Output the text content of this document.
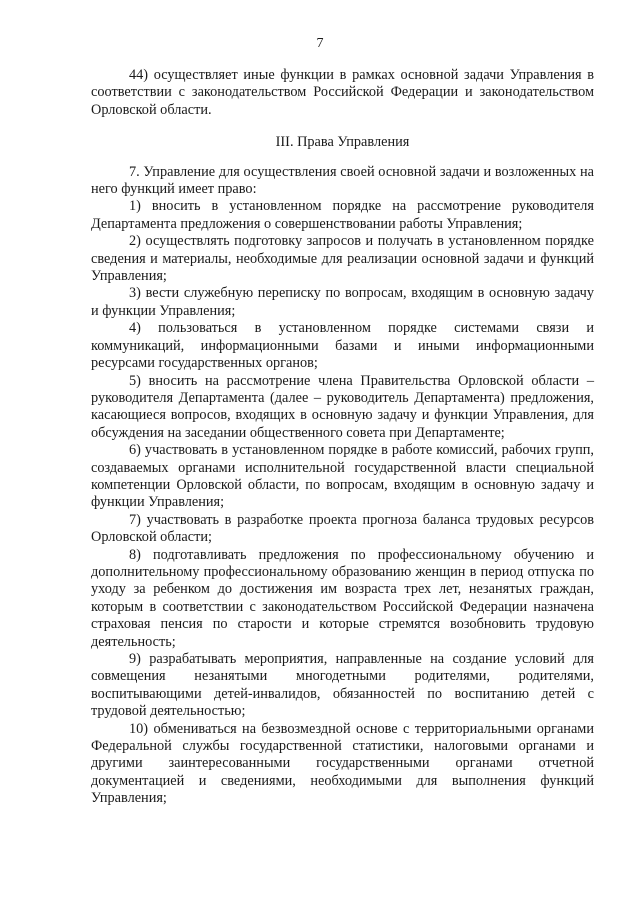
7

44) осуществляет иные функции в рамках основной задачи Управления в соответствии с законодательством Российской Федерации и законодательством Орловской области.

III. Права Управления

7. Управление для осуществления своей основной задачи и возложенных на него функций имеет право:

1) вносить в установленном порядке на рассмотрение руководителя Департамента предложения о совершенствовании работы Управления;

2) осуществлять подготовку запросов и получать в установленном порядке сведения и материалы, необходимые для реализации основной задачи и функций Управления;

3) вести служебную переписку по вопросам, входящим в основную задачу и функции Управления;

4) пользоваться в установленном порядке системами связи и коммуникаций, информационными базами и иными информационными ресурсами государственных органов;

5) вносить на рассмотрение члена Правительства Орловской области – руководителя Департамента (далее – руководитель Департамента) предложения, касающиеся вопросов, входящих в основную задачу и функции Управления, для обсуждения на заседании общественного совета при Департаменте;

6) участвовать в установленном порядке в работе комиссий, рабочих групп, создаваемых органами исполнительной государственной власти специальной компетенции Орловской области, по вопросам, входящим в основную задачу и функции Управления;

7) участвовать в разработке проекта прогноза баланса трудовых ресурсов Орловской области;

8) подготавливать предложения по профессиональному обучению и дополнительному профессиональному образованию женщин в период отпуска по уходу за ребенком до достижения им возраста трех лет, незанятых граждан, которым в соответствии с законодательством Российской Федерации назначена страховая пенсия по старости и которые стремятся возобновить трудовую деятельность;

9) разрабатывать мероприятия, направленные на создание условий для совмещения незанятыми многодетными родителями, родителями, воспитывающими детей-инвалидов, обязанностей по воспитанию детей с трудовой деятельностью;

10) обмениваться на безвозмездной основе с территориальными органами Федеральной службы государственной статистики, налоговыми органами и другими заинтересованными государственными органами отчетной документацией и сведениями, необходимыми для выполнения функций Управления;
